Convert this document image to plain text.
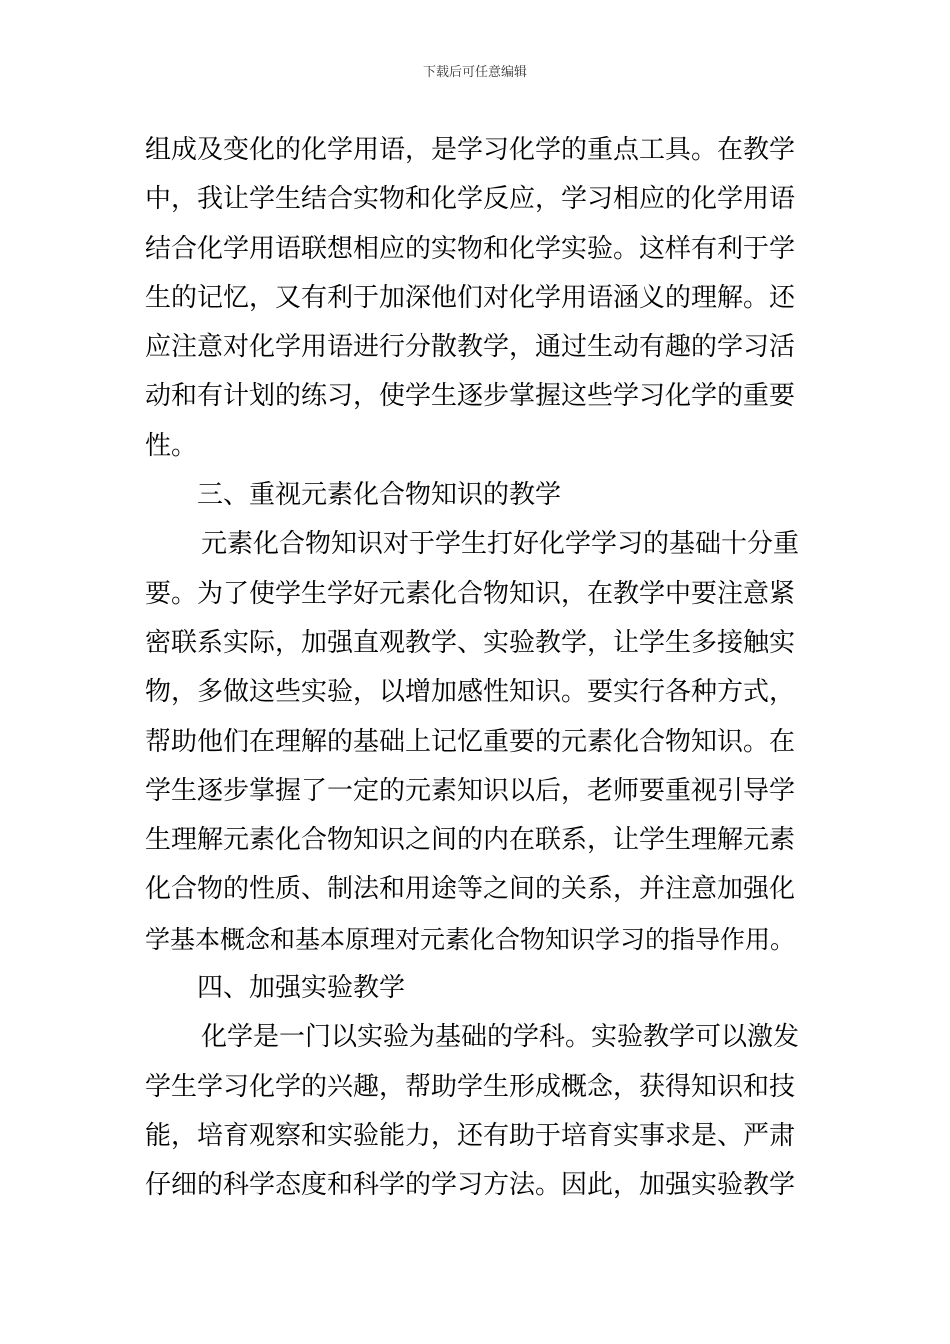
下载后可任意编辑
组成及变化的化学用语，是学习化学的重点工具。在教学
中，我让学生结合实物和化学反应，学习相应的化学用语
结合化学用语联想相应的实物和化学实验。这样有利于学
生的记忆，又有利于加深他们对化学用语涵义的理解。还
应注意对化学用语进行分散教学，通过生动有趣的学习活
动和有计划的练习，使学生逐步掌握这些学习化学的重要
性。
三、重视元素化合物知识的教学
元素化合物知识对于学生打好化学学习的基础十分重
要。为了使学生学好元素化合物知识，在教学中要注意紧
密联系实际，加强直观教学、实验教学，让学生多接触实
物，多做这些实验，以增加感性知识。要实行各种方式，
帮助他们在理解的基础上记忆重要的元素化合物知识。在
学生逐步掌握了一定的元素知识以后，老师要重视引导学
生理解元素化合物知识之间的内在联系，让学生理解元素
化合物的性质、制法和用途等之间的关系，并注意加强化
学基本概念和基本原理对元素化合物知识学习的指导作用。
四、加强实验教学
化学是一门以实验为基础的学科。实验教学可以激发
学生学习化学的兴趣，帮助学生形成概念，获得知识和技
能，培育观察和实验能力，还有助于培育实事求是、严肃
仔细的科学态度和科学的学习方法。因此，加强实验教学
